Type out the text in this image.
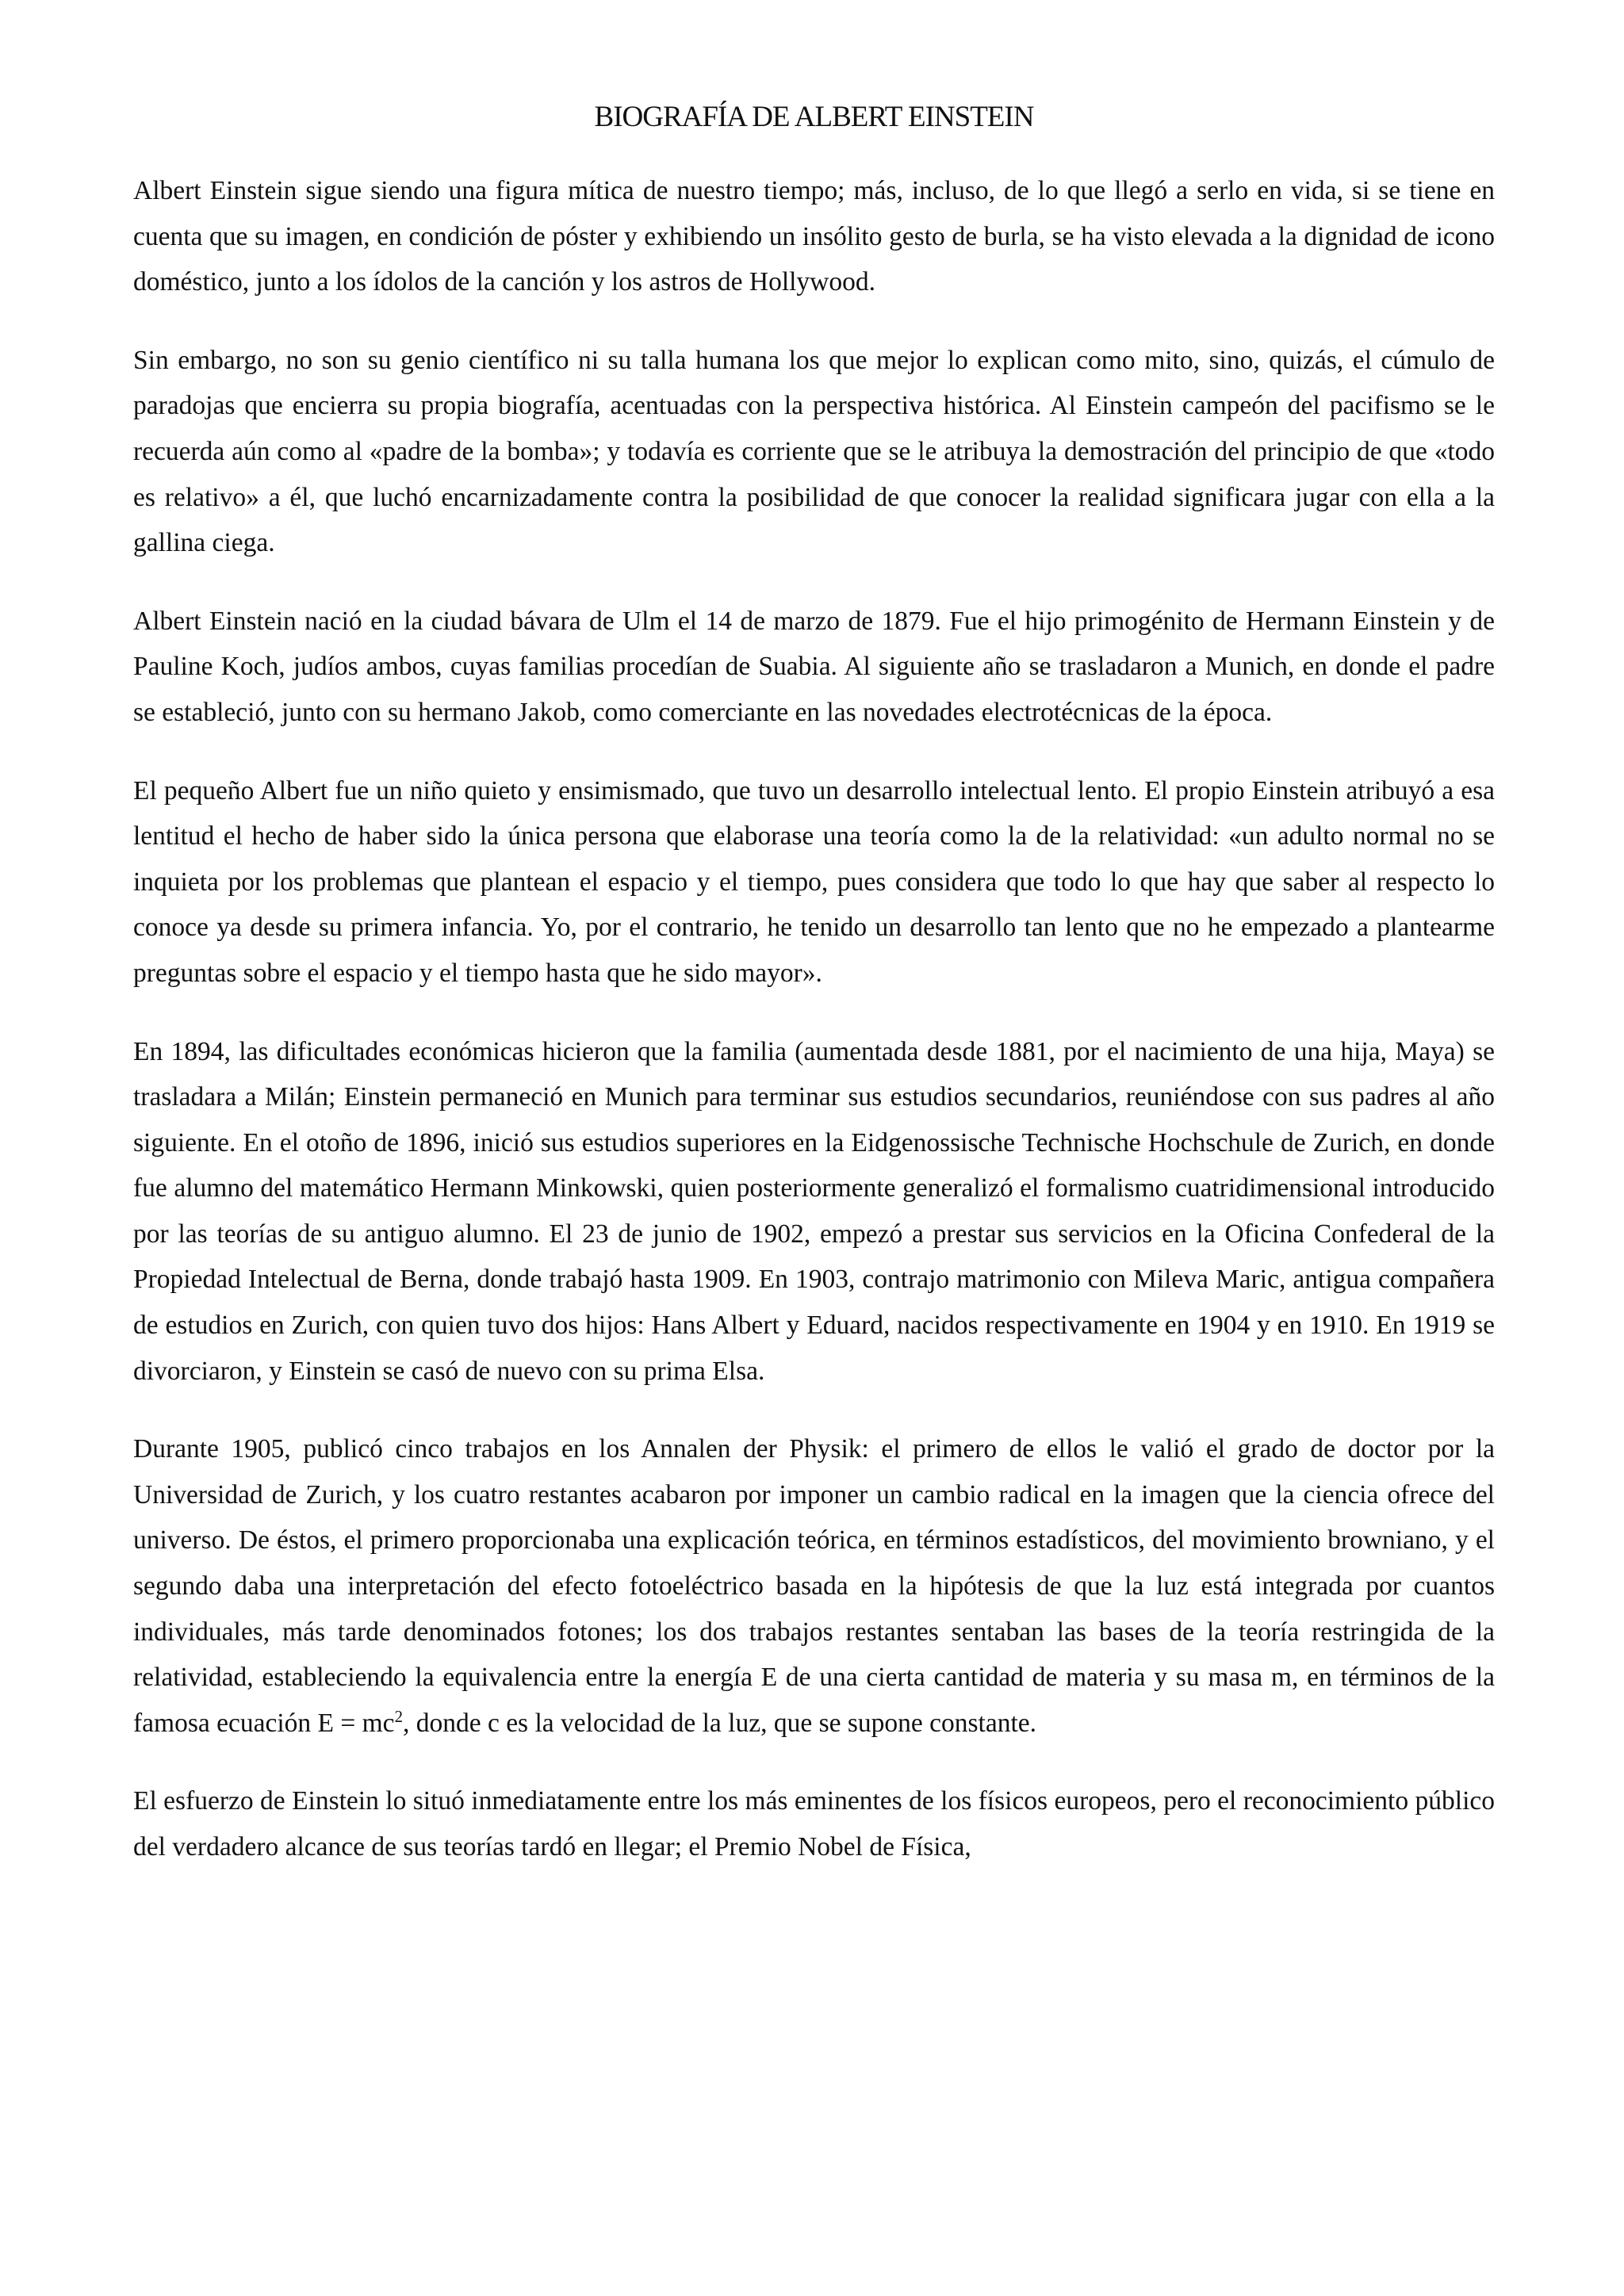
BIOGRAFÍA DE ALBERT EINSTEIN

Albert Einstein sigue siendo una figura mítica de nuestro tiempo; más, incluso, de lo que llegó a serlo en vida, si se tiene en cuenta que su imagen, en condición de póster y exhibiendo un insólito gesto de burla, se ha visto elevada a la dignidad de icono doméstico, junto a los ídolos de la canción y los astros de Hollywood.

Sin embargo, no son su genio científico ni su talla humana los que mejor lo explican como mito, sino, quizás, el cúmulo de paradojas que encierra su propia biografía, acentuadas con la perspectiva histórica. Al Einstein campeón del pacifismo se le recuerda aún como al «padre de la bomba»; y todavía es corriente que se le atribuya la demostración del principio de que «todo es relativo» a él, que luchó encarnizadamente contra la posibilidad de que conocer la realidad significara jugar con ella a la gallina ciega.

Albert Einstein nació en la ciudad bávara de Ulm el 14 de marzo de 1879. Fue el hijo primogénito de Hermann Einstein y de Pauline Koch, judíos ambos, cuyas familias procedían de Suabia. Al siguiente año se trasladaron a Munich, en donde el padre se estableció, junto con su hermano Jakob, como comerciante en las novedades electrotécnicas de la época.

El pequeño Albert fue un niño quieto y ensimismado, que tuvo un desarrollo intelectual lento. El propio Einstein atribuyó a esa lentitud el hecho de haber sido la única persona que elaborase una teoría como la de la relatividad: «un adulto normal no se inquieta por los problemas que plantean el espacio y el tiempo, pues considera que todo lo que hay que saber al respecto lo conoce ya desde su primera infancia. Yo, por el contrario, he tenido un desarrollo tan lento que no he empezado a plantearme preguntas sobre el espacio y el tiempo hasta que he sido mayor».

En 1894, las dificultades económicas hicieron que la familia (aumentada desde 1881, por el nacimiento de una hija, Maya) se trasladara a Milán; Einstein permaneció en Munich para terminar sus estudios secundarios, reuniéndose con sus padres al año siguiente. En el otoño de 1896, inició sus estudios superiores en la Eidgenossische Technische Hochschule de Zurich, en donde fue alumno del matemático Hermann Minkowski, quien posteriormente generalizó el formalismo cuatridimensional introducido por las teorías de su antiguo alumno. El 23 de junio de 1902, empezó a prestar sus servicios en la Oficina Confederal de la Propiedad Intelectual de Berna, donde trabajó hasta 1909. En 1903, contrajo matrimonio con Mileva Maric, antigua compañera de estudios en Zurich, con quien tuvo dos hijos: Hans Albert y Eduard, nacidos respectivamente en 1904 y en 1910. En 1919 se divorciaron, y Einstein se casó de nuevo con su prima Elsa.

Durante 1905, publicó cinco trabajos en los Annalen der Physik: el primero de ellos le valió el grado de doctor por la Universidad de Zurich, y los cuatro restantes acabaron por imponer un cambio radical en la imagen que la ciencia ofrece del universo. De éstos, el primero proporcionaba una explicación teórica, en términos estadísticos, del movimiento browniano, y el segundo daba una interpretación del efecto fotoeléctrico basada en la hipótesis de que la luz está integrada por cuantos individuales, más tarde denominados fotones; los dos trabajos restantes sentaban las bases de la teoría restringida de la relatividad, estableciendo la equivalencia entre la energía E de una cierta cantidad de materia y su masa m, en términos de la famosa ecuación $E = mc^2$, donde c es la velocidad de la luz, que se supone constante.

El esfuerzo de Einstein lo situó inmediatamente entre los más eminentes de los físicos europeos, pero el reconocimiento público del verdadero alcance de sus teorías tardó en llegar; el Premio Nobel de Física,
